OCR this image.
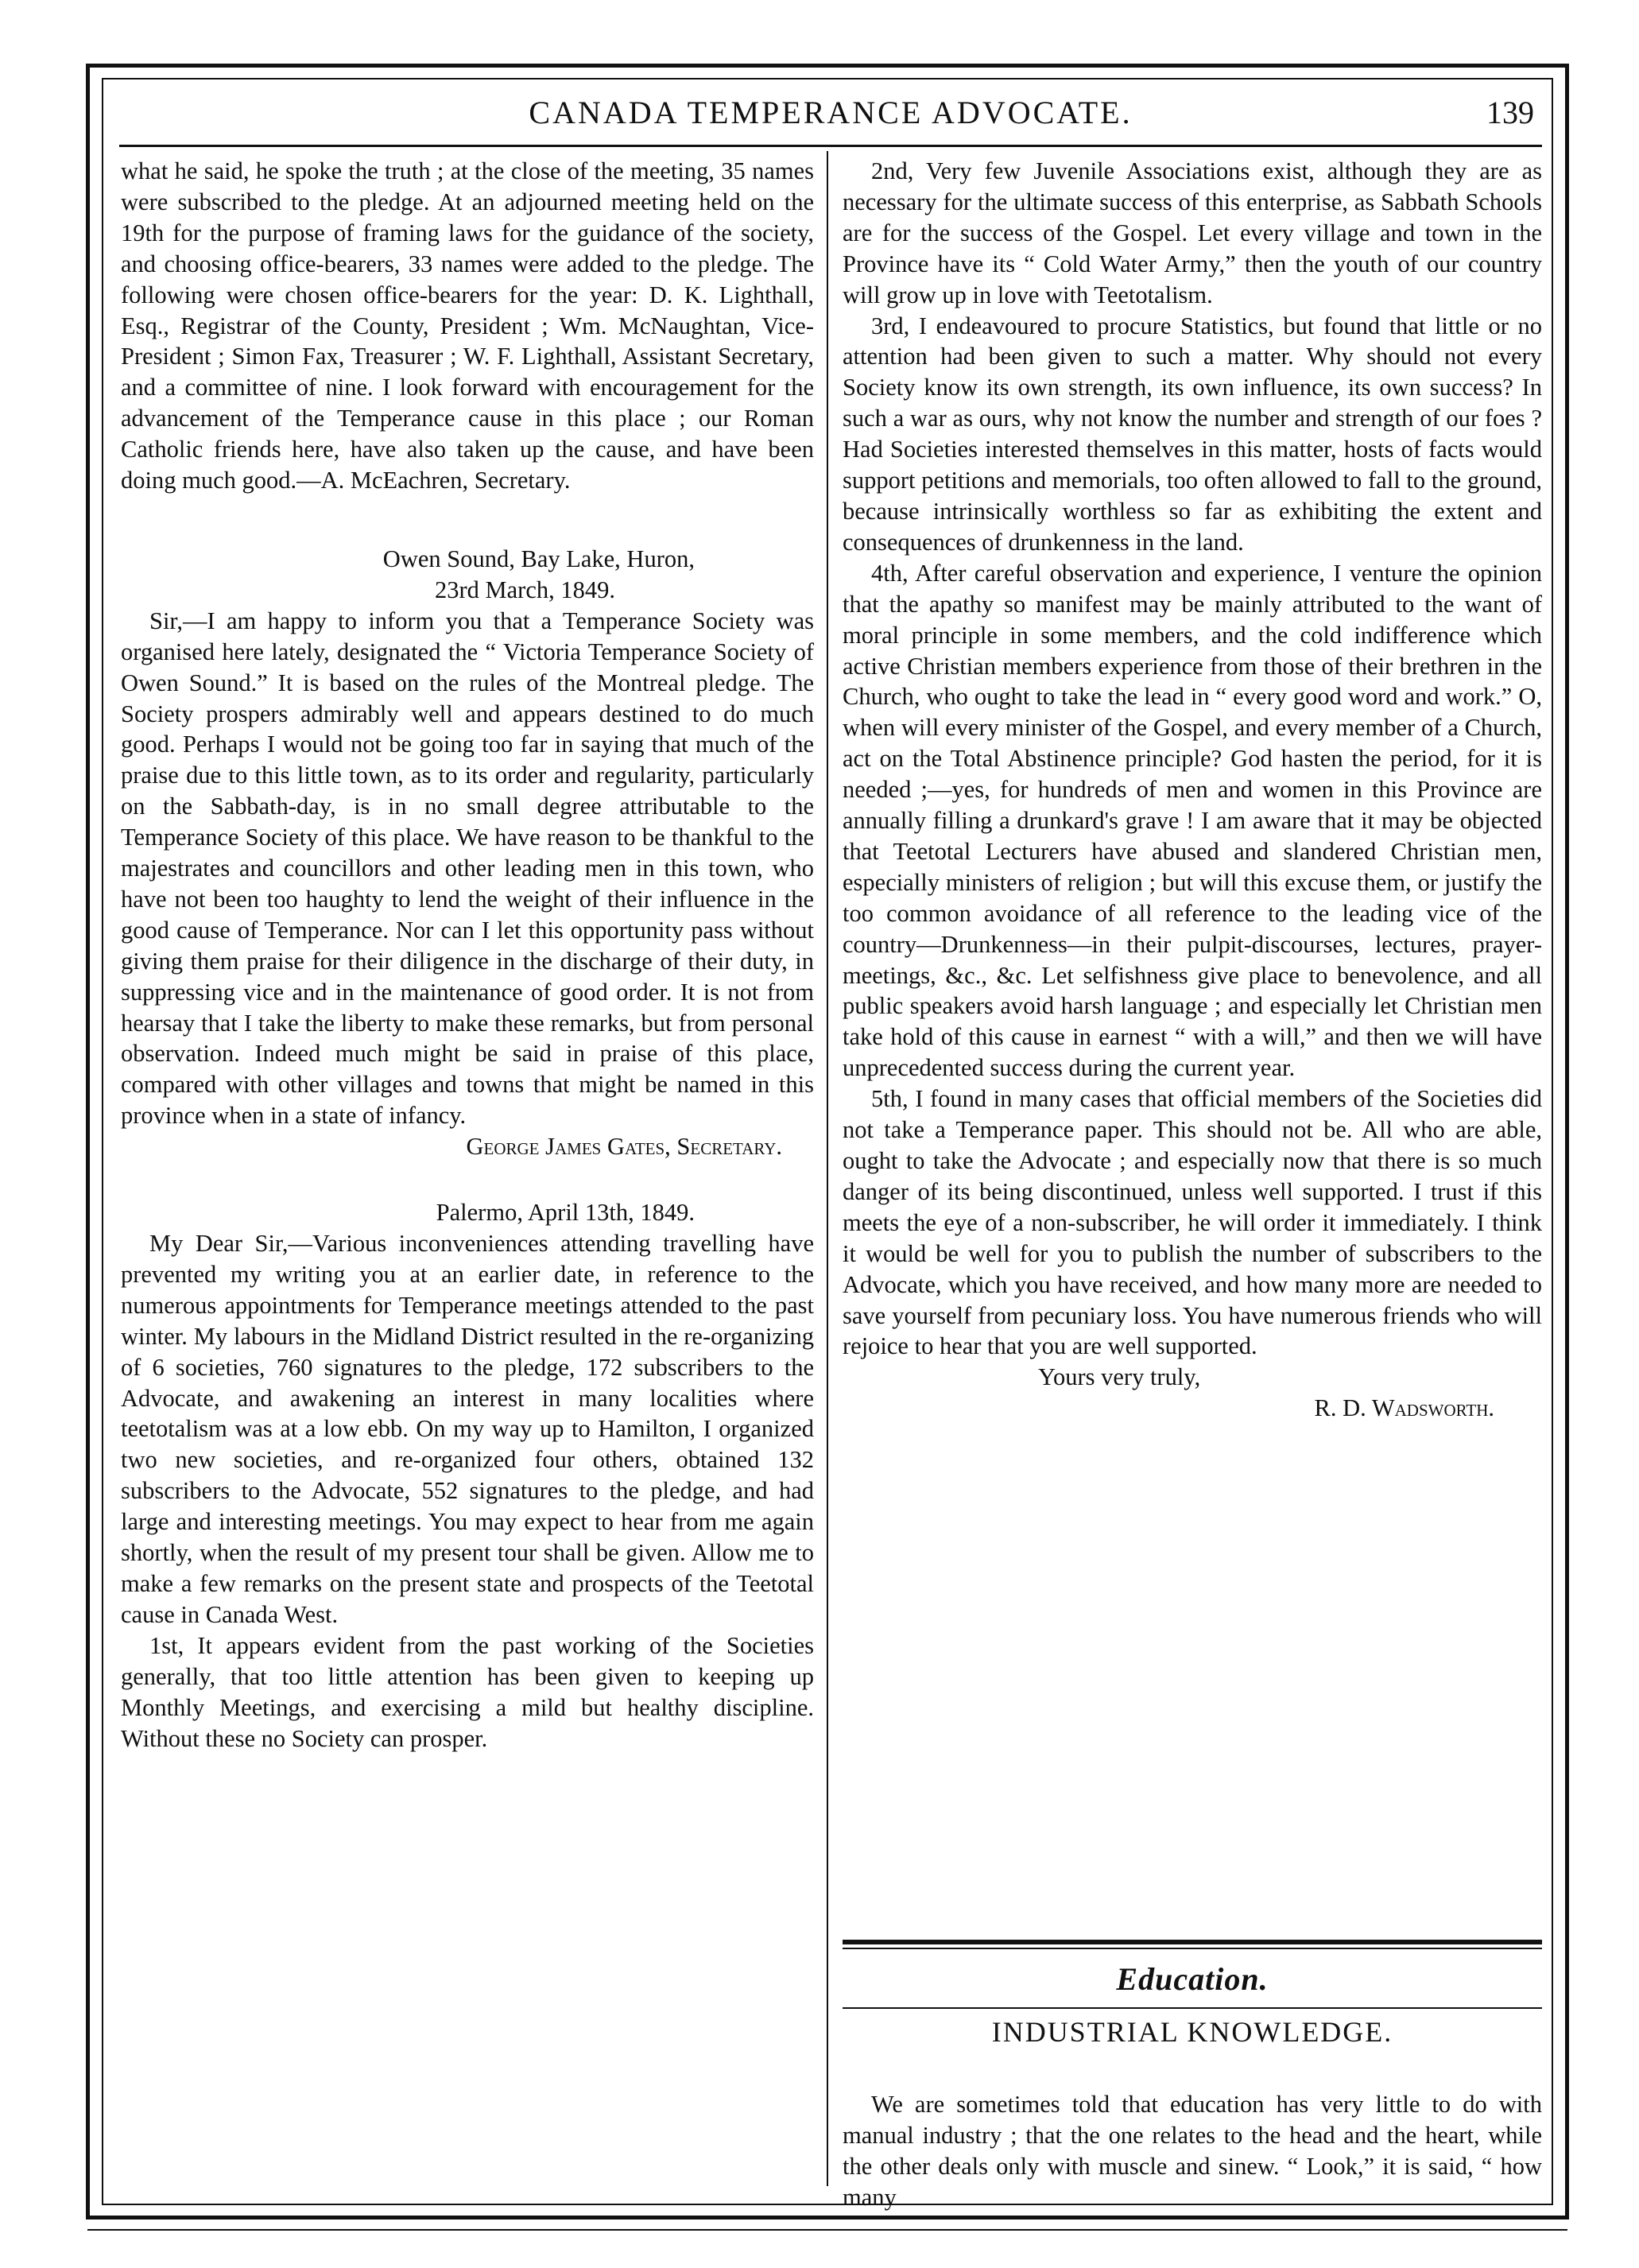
CANADA TEMPERANCE ADVOCATE.	139

what he said, he spoke the truth ; at the close of the meeting, 35 names were subscribed to the pledge. At an adjourned meeting held on the 19th for the purpose of framing laws for the guidance of the society, and choosing office-bearers, 33 names were added to the pledge. The following were chosen office-bearers for the year: D. K. Lighthall, Esq., Registrar of the County, President ; Wm. McNaughtan, Vice-President ; Simon Fax, Treasurer ; W. F. Lighthall, Assistant Secretary, and a committee of nine. I look forward with encouragement for the advancement of the Temperance cause in this place ; our Roman Catholic friends here, have also taken up the cause, and have been doing much good.—A. McEachren, Secretary.

Owen Sound, Bay Lake, Huron,

23rd March, 1849.

Sir,—I am happy to inform you that a Temperance Society was organised here lately, designated the “ Victoria Temperance Society of Owen Sound.” It is based on the rules of the Montreal pledge. The Society prospers admirably well and appears destined to do much good. Perhaps I would not be going too far in saying that much of the praise due to this little town, as to its order and regularity, particularly on the Sabbath-day, is in no small degree attributable to the Temperance Society of this place. We have reason to be thankful to the majestrates and councillors and other leading men in this town, who have not been too haughty to lend the weight of their influence in the good cause of Temperance. Nor can I let this opportunity pass without giving them praise for their diligence in the discharge of their duty, in suppressing vice and in the maintenance of good order. It is not from hearsay that I take the liberty to make these remarks, but from personal observation. Indeed much might be said in praise of this place, compared with other villages and towns that might be named in this province when in a state of infancy.

George James Gates, Secretary.

Palermo, April 13th, 1849.

My Dear Sir,—Various inconveniences attending travelling have prevented my writing you at an earlier date, in reference to the numerous appointments for Temperance meetings attended to the past winter. My labours in the Midland District resulted in the re-organizing of 6 societies, 760 signatures to the pledge, 172 subscribers to the Advocate, and awakening an interest in many localities where teetotalism was at a low ebb. On my way up to Hamilton, I organized two new societies, and re-organized four others, obtained 132 subscribers to the Advocate, 552 signatures to the pledge, and had large and interesting meetings. You may expect to hear from me again shortly, when the result of my present tour shall be given. Allow me to make a few remarks on the present state and prospects of the Teetotal cause in Canada West.

1st, It appears evident from the past working of the Societies generally, that too little attention has been given to keeping up Monthly Meetings, and exercising a mild but healthy discipline. Without these no Society can prosper.

2nd, Very few Juvenile Associations exist, although they are as necessary for the ultimate success of this enterprise, as Sabbath Schools are for the success of the Gospel. Let every village and town in the Province have its “ Cold Water Army,” then the youth of our country will grow up in love with Teetotalism.

3rd, I endeavoured to procure Statistics, but found that little or no attention had been given to such a matter. Why should not every Society know its own strength, its own influence, its own success? In such a war as ours, why not know the number and strength of our foes ? Had Societies interested themselves in this matter, hosts of facts would support petitions and memorials, too often allowed to fall to the ground, because intrinsically worthless so far as exhibiting the extent and consequences of drunkenness in the land.

4th, After careful observation and experience, I venture the opinion that the apathy so manifest may be mainly attributed to the want of moral principle in some members, and the cold indifference which active Christian members experience from those of their brethren in the Church, who ought to take the lead in “ every good word and work.” O, when will every minister of the Gospel, and every member of a Church, act on the Total Abstinence principle? God hasten the period, for it is needed ;—yes, for hundreds of men and women in this Province are annually filling a drunkard's grave ! I am aware that it may be objected that Teetotal Lecturers have abused and slandered Christian men, especially ministers of religion ; but will this excuse them, or justify the too common avoidance of all reference to the leading vice of the country—Drunkenness—in their pulpit-discourses, lectures, prayer-meetings, &c., &c. Let selfishness give place to benevolence, and all public speakers avoid harsh language ; and especially let Christian men take hold of this cause in earnest “ with a will,” and then we will have unprecedented success during the current year.

5th, I found in many cases that official members of the Societies did not take a Temperance paper. This should not be. All who are able, ought to take the Advocate ; and especially now that there is so much danger of its being discontinued, unless well supported. I trust if this meets the eye of a non-subscriber, he will order it immediately. I think it would be well for you to publish the number of subscribers to the Advocate, which you have received, and how many more are needed to save yourself from pecuniary loss. You have numerous friends who will rejoice to hear that you are well supported.

Yours very truly,

R. D. Wadsworth.

Education.
INDUSTRIAL KNOWLEDGE.

We are sometimes told that education has very little to do with manual industry ; that the one relates to the head and the heart, while the other deals only with muscle and sinew. “ Look,” it is said, “ how many
